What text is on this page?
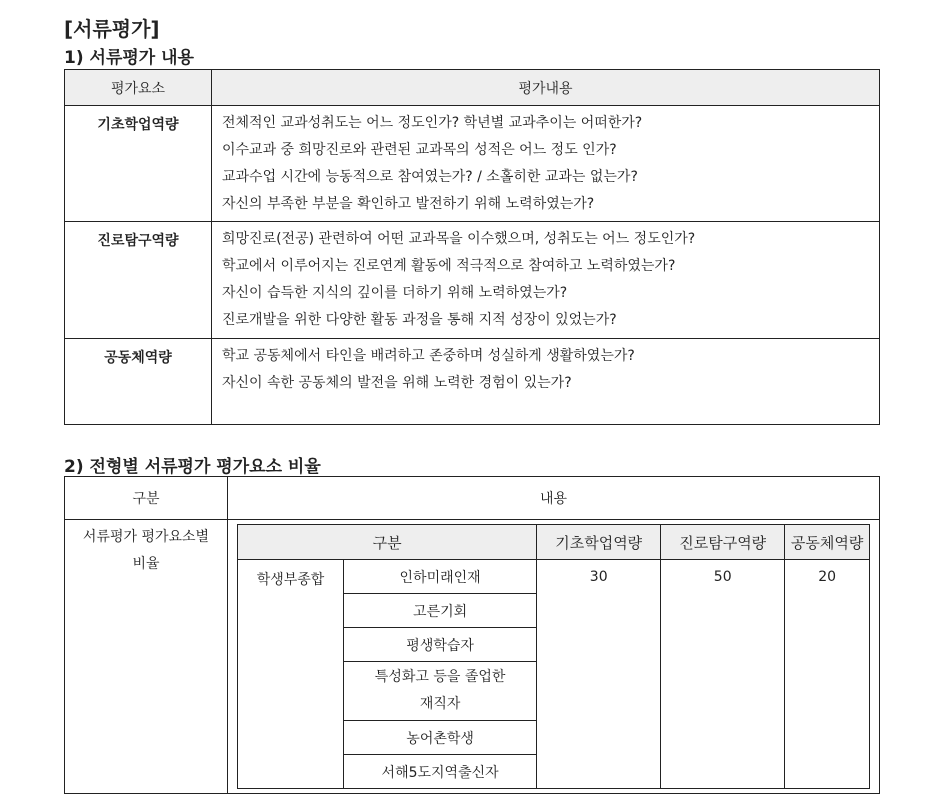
[서류평가]
1) 서류평가 내용
평가요소	평가내용
기초학업역량	전체적인 교과성취도는 어느 정도인가? 학년별 교과추이는 어떠한가?
이수교과 중 희망진로와 관련된 교과목의 성적은 어느 정도 인가?
교과수업 시간에 능동적으로 참여였는가? / 소홀히한 교과는 없는가?
자신의 부족한 부분을 확인하고 발전하기 위해 노력하였는가?

진로탐구역량	희망진로(전공) 관련하여 어떤 교과목을 이수했으며, 성취도는 어느 정도인가?
학교에서 이루어지는 진로연계 활동에 적극적으로 참여하고 노력하였는가?
자신이 습득한 지식의 깊이를 더하기 위해 노력하였는가?
진로개발을 위한 다양한 활동 과정을 통해 지적 성장이 있었는가?

공동체역량	학교 공동체에서 타인을 배려하고 존중하며 성실하게 생활하였는가?
자신이 속한 공동체의 발전을 위해 노력한 경험이 있는가?
2) 전형별 서류평가 평가요소 비율
구분	내용

서류평가 평가요소별
비율

구분	기초학업역량	진로탐구역량	공동체역량
학생부종합	인하미래인재	30	50	20
고른기회
평생학습자

특성화고 등을 졸업한
재직자

농어촌학생
서해5도지역출신자
